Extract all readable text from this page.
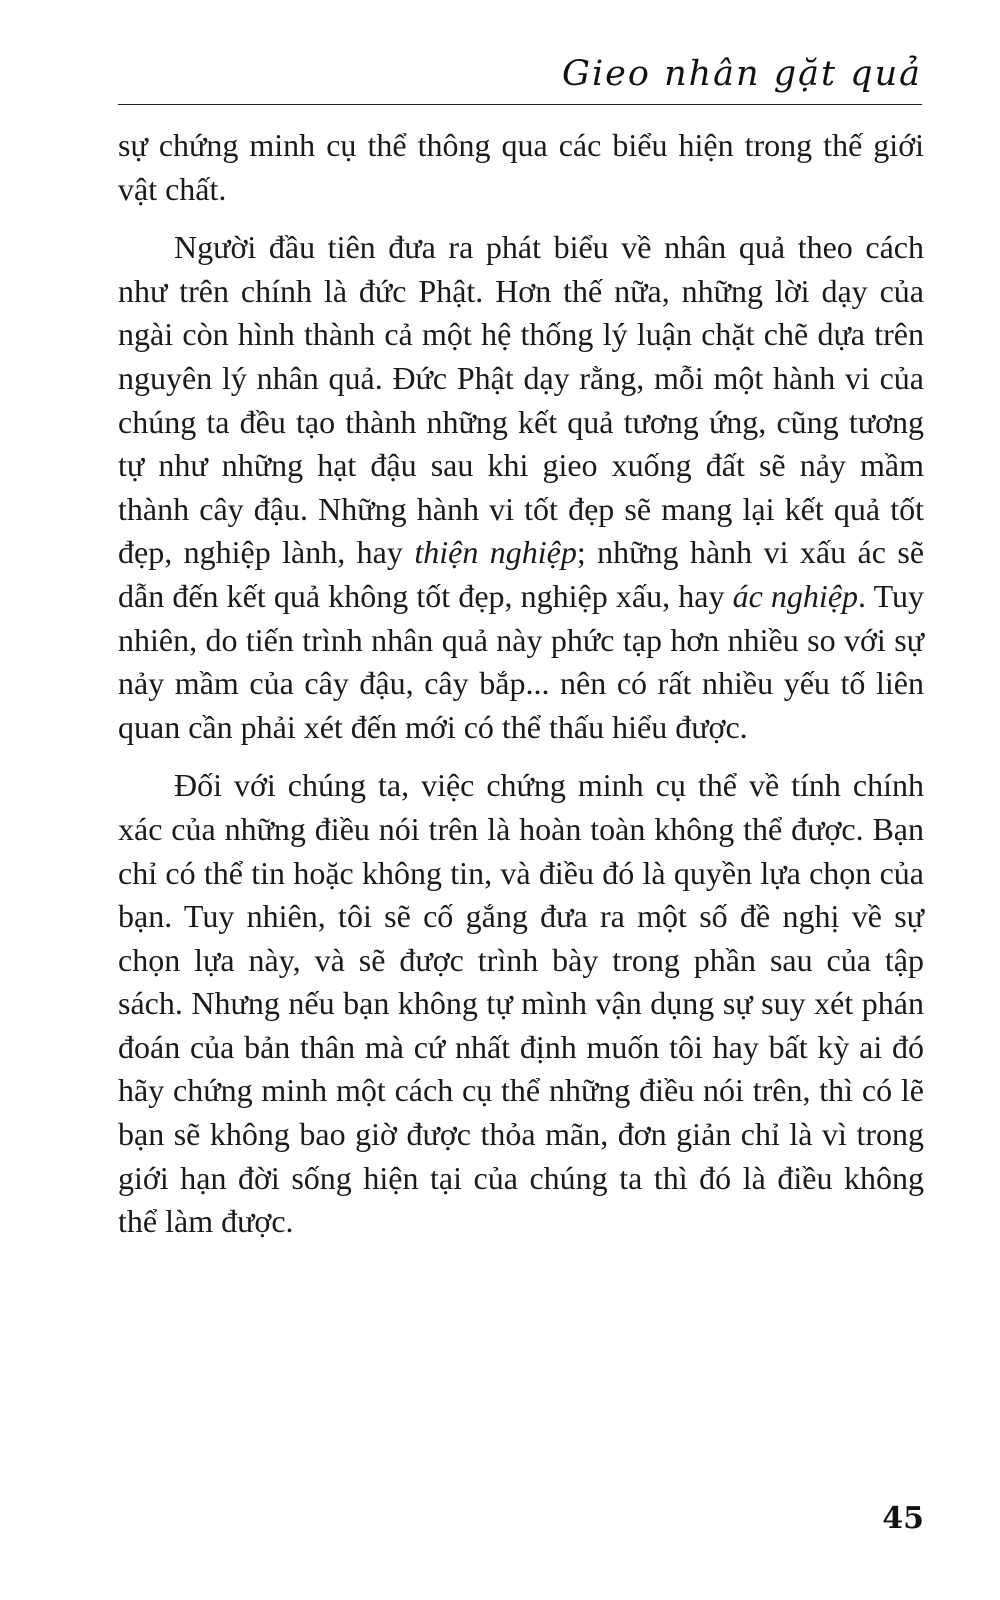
Gieo nhân gặt quả

sự chứng minh cụ thể thông qua các biểu hiện trong thế giới vật chất.

Người đầu tiên đưa ra phát biểu về nhân quả theo cách như trên chính là đức Phật. Hơn thế nữa, những lời dạy của ngài còn hình thành cả một hệ thống lý luận chặt chẽ dựa trên nguyên lý nhân quả. Đức Phật dạy rằng, mỗi một hành vi của chúng ta đều tạo thành những kết quả tương ứng, cũng tương tự như những hạt đậu sau khi gieo xuống đất sẽ nảy mầm thành cây đậu. Những hành vi tốt đẹp sẽ mang lại kết quả tốt đẹp, nghiệp lành, hay thiện nghiệp; những hành vi xấu ác sẽ dẫn đến kết quả không tốt đẹp, nghiệp xấu, hay ác nghiệp. Tuy nhiên, do tiến trình nhân quả này phức tạp hơn nhiều so với sự nảy mầm của cây đậu, cây bắp... nên có rất nhiều yếu tố liên quan cần phải xét đến mới có thể thấu hiểu được.

Đối với chúng ta, việc chứng minh cụ thể về tính chính xác của những điều nói trên là hoàn toàn không thể được. Bạn chỉ có thể tin hoặc không tin, và điều đó là quyền lựa chọn của bạn. Tuy nhiên, tôi sẽ cố gắng đưa ra một số đề nghị về sự chọn lựa này, và sẽ được trình bày trong phần sau của tập sách. Nhưng nếu bạn không tự mình vận dụng sự suy xét phán đoán của bản thân mà cứ nhất định muốn tôi hay bất kỳ ai đó hãy chứng minh một cách cụ thể những điều nói trên, thì có lẽ bạn sẽ không bao giờ được thỏa mãn, đơn giản chỉ là vì trong giới hạn đời sống hiện tại của chúng ta thì đó là điều không thể làm được.

45
